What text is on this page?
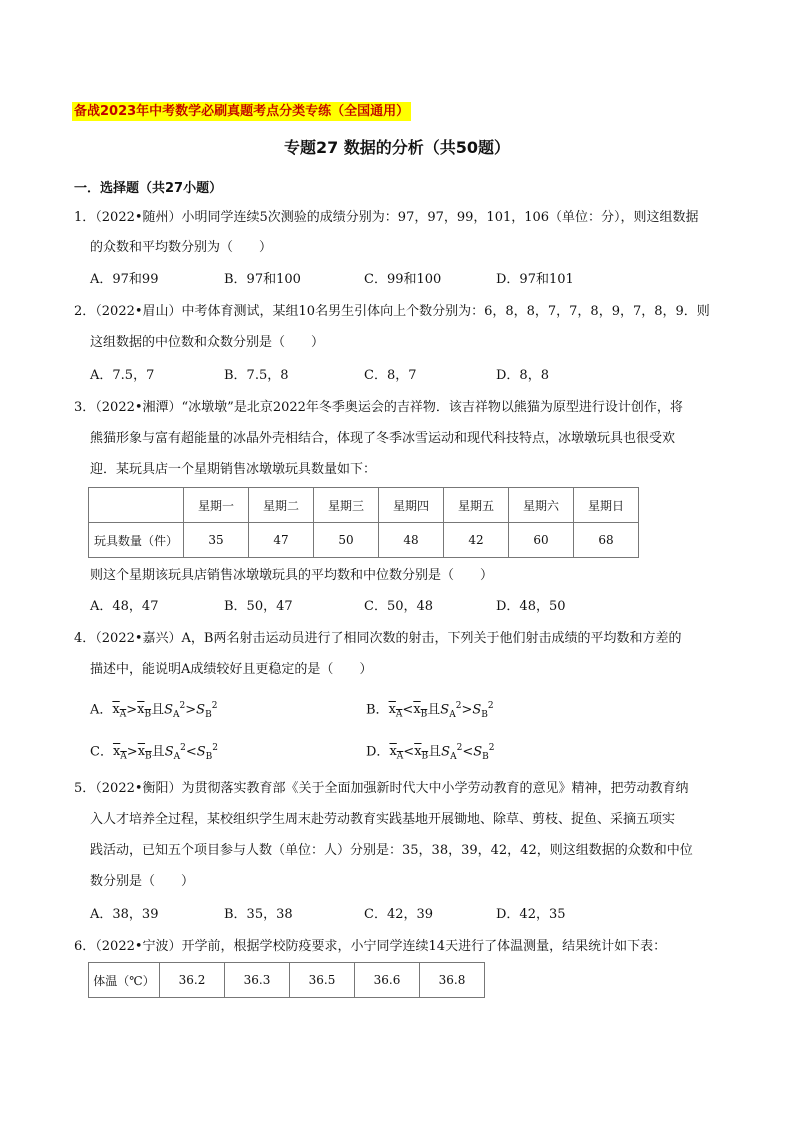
备战2023年中考数学必刷真题考点分类专练（全国通用）
专题27 数据的分析（共50题）
一．选择题（共27小题）
1．（2022•随州）小明同学连续5次测验的成绩分别为：97，97，99，101，106（单位：分），则这组数据
的众数和平均数分别为（　　）
A．97和99	B．97和100	C．99和100	D．97和101
2．（2022•眉山）中考体育测试，某组10名男生引体向上个数分别为：6，8，8，7，7，8，9，7，8，9．则
这组数据的中位数和众数分别是（　　）
A．7.5，7	B．7.5，8	C．8，7	D．8，8
3．（2022•湘潭）“冰墩墩”是北京2022年冬季奥运会的吉祥物．该吉祥物以熊猫为原型进行设计创作，将
熊猫形象与富有超能量的冰晶外壳相结合，体现了冬季冰雪运动和现代科技特点，冰墩墩玩具也很受欢
迎．某玩具店一个星期销售冰墩墩玩具数量如下：
	星期一	星期二	星期三	星期四	星期五	星期六	星期日
玩具数量（件）	35	47	50	48	42	60	68
则这个星期该玩具店销售冰墩墩玩具的平均数和中位数分别是（　　）
A．48，47	B．50，47	C．50，48	D．48，50
4．（2022•嘉兴）A，B两名射击运动员进行了相同次数的射击，下列关于他们射击成绩的平均数和方差的
描述中，能说明A成绩较好且更稳定的是（　　）
A．$x_A>x_B$且$S_A^2>S_B^2$	B．$x_A<x_B$且$S_A^2>S_B^2$
C．$x_A>x_B$且$S_A^2<S_B^2$	D．$x_A<x_B$且$S_A^2<S_B^2$
5．（2022•衡阳）为贯彻落实教育部《关于全面加强新时代大中小学劳动教育的意见》精神，把劳动教育纳
入人才培养全过程，某校组织学生周末赴劳动教育实践基地开展锄地、除草、剪枝、捉鱼、采摘五项实
践活动，已知五个项目参与人数（单位：人）分别是：35，38，39，42，42，则这组数据的众数和中位
数分别是（　　）
A．38，39	B．35，38	C．42，39	D．42，35
6．（2022•宁波）开学前，根据学校防疫要求，小宁同学连续14天进行了体温测量，结果统计如下表：
体温（℃）	36.2	36.3	36.5	36.6	36.8
